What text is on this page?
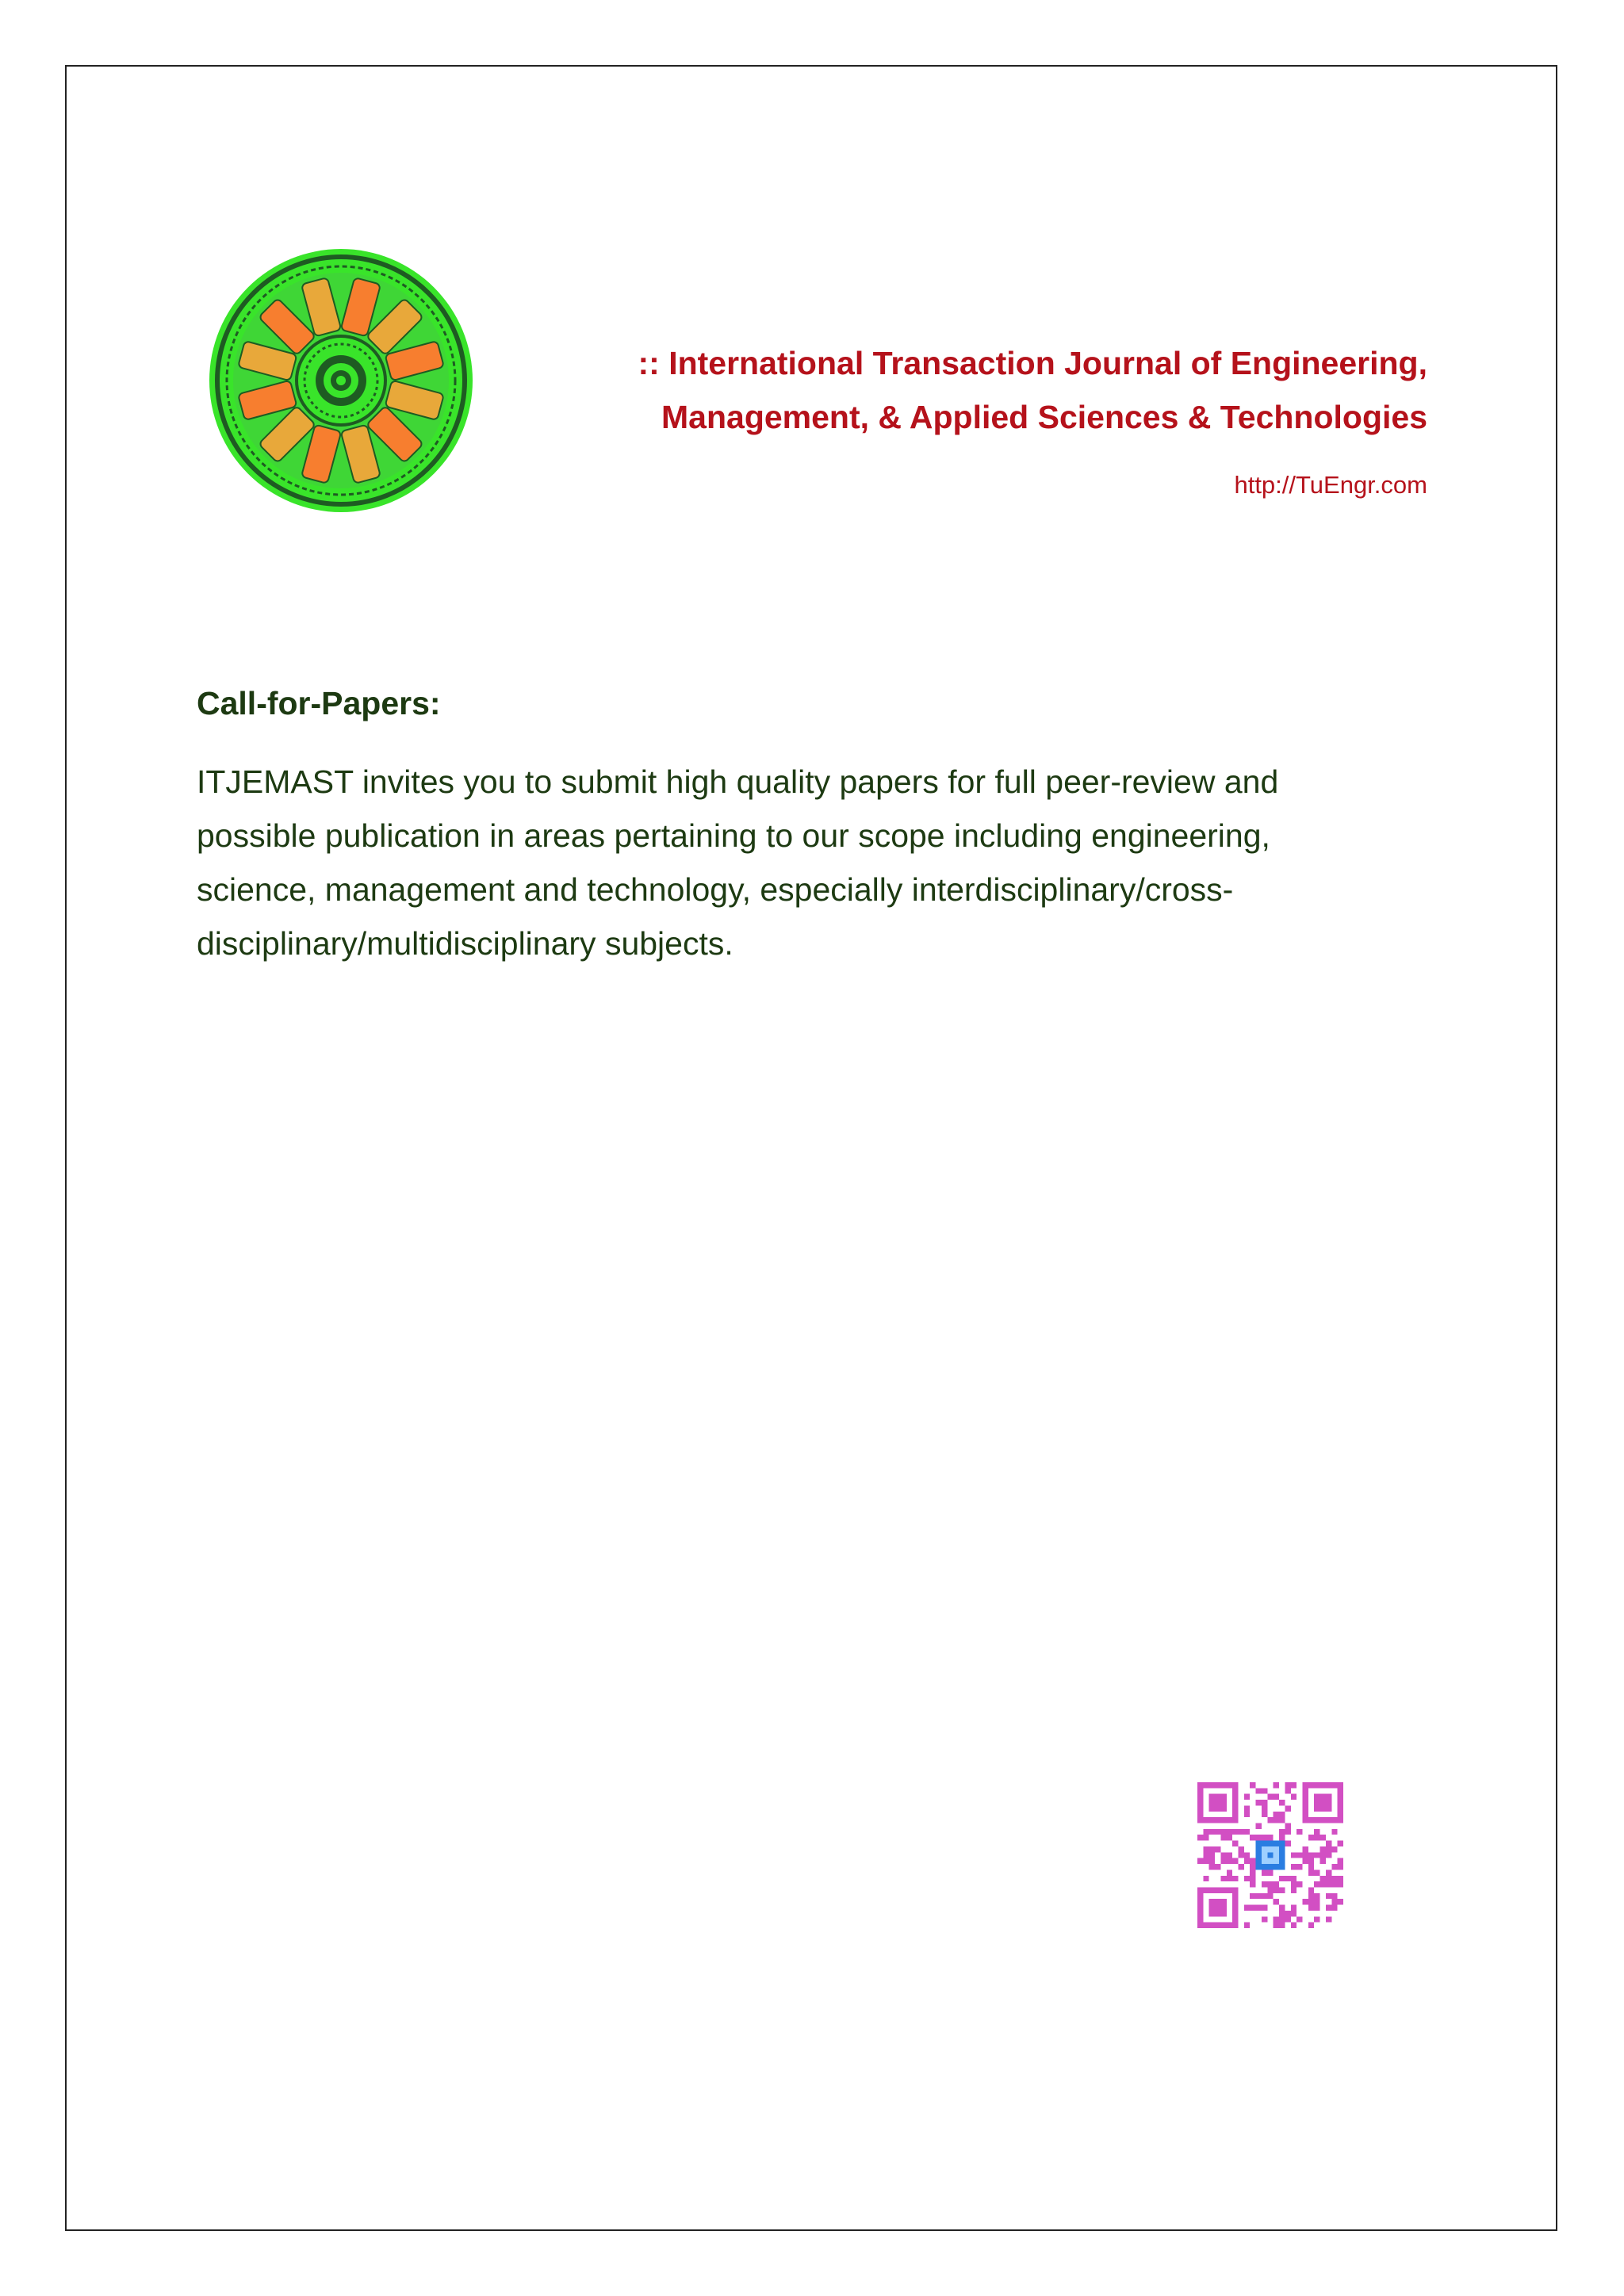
:: International Transaction Journal of Engineering,
Management, & Applied Sciences & Technologies
http://TuEngr.com
Call-for-Papers:
ITJEMAST invites you to submit high quality papers for full peer-review and
possible publication in areas pertaining to our scope including engineering,
science, management and technology, especially interdisciplinary/cross-
disciplinary/multidisciplinary subjects.
